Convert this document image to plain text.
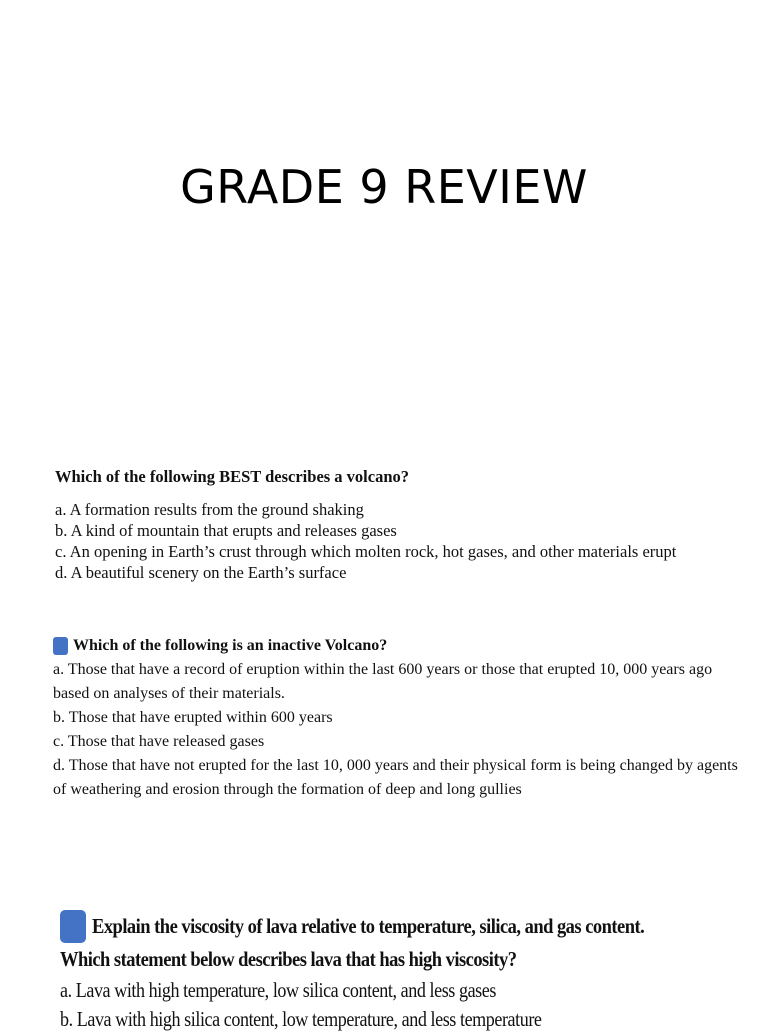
GRADE 9 REVIEW
Which of the following BEST describes a volcano?
a. A formation results from the ground shaking
b. A kind of mountain that erupts and releases gases
c. An opening in Earth’s crust through which molten rock, hot gases, and other materials erupt
d. A beautiful scenery on the Earth’s surface
Which of the following is an inactive Volcano?
a. Those that have a record of eruption within the last 600 years or those that erupted 10, 000 years ago based on analyses of their materials.
b. Those that have erupted within 600 years
c. Those that have released gases
d. Those that have not erupted for the last 10, 000 years and their physical form is being changed by agents of weathering and erosion through the formation of deep and long gullies
Explain the viscosity of lava relative to temperature, silica, and gas content.
Which statement below describes lava that has high viscosity?
a. Lava with high temperature, low silica content, and less gases
b. Lava with high silica content, low temperature, and less temperature
